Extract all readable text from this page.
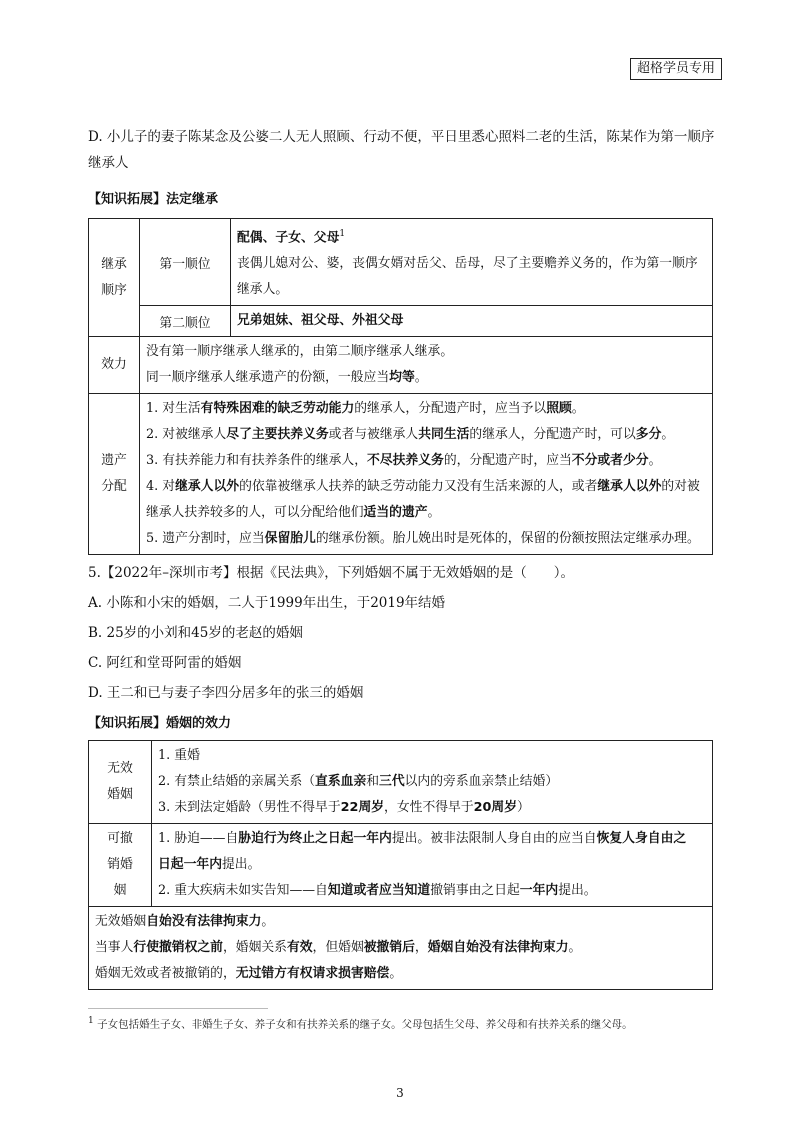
超格学员专用
D. 小儿子的妻子陈某念及公婆二人无人照顾、行动不便，平日里悉心照料二老的生活，陈某作为第一顺序继承人
【知识拓展】法定继承
继承顺序	第一顺位	配偶、子女、父母$^1$
丧偶儿媳对公、婆，丧偶女婿对岳父、岳母，尽了主要赡养义务的，作为第一顺序继承人。

	第二顺位	兄弟姐妹、祖父母、外祖父母
效力	没有第一顺序继承人继承的，由第二顺序继承人继承。
同一顺序继承人继承遗产的份额，一般应当均等。	

遗产分配	1. 对生活有特殊困难的缺乏劳动能力的继承人，分配遗产时，应当予以照顾。
2. 对被继承人尽了主要扶养义务或者与被继承人共同生活的继承人，分配遗产时，可以多分。
3. 有扶养能力和有扶养条件的继承人，不尽扶养义务的，分配遗产时，应当不分或者少分。
4. 对继承人以外的依靠被继承人扶养的缺乏劳动能力又没有生活来源的人，或者继承人以外的对被继承人扶养较多的人，可以分配给他们适当的遗产。
5. 遗产分割时，应当保留胎儿的继承份额。胎儿娩出时是死体的，保留的份额按照法定继承办理。	
5.【2022年–深圳市考】根据《民法典》，下列婚姻不属于无效婚姻的是（　　）。
A. 小陈和小宋的婚姻，二人于1999年出生，于2019年结婚
B. 25岁的小刘和45岁的老赵的婚姻
C. 阿红和堂哥阿雷的婚姻
D. 王二和已与妻子李四分居多年的张三的婚姻
【知识拓展】婚姻的效力
无效婚姻	1. 重婚
2. 有禁止结婚的亲属关系（直系血亲和三代以内的旁系血亲禁止结婚）
3. 未到法定婚龄（男性不得早于22周岁，女性不得早于20周岁）

可撤销婚姻	1. 胁迫——自胁迫行为终止之日起一年内提出。被非法限制人身自由的应当自恢复人身自由之
日起一年内提出。
2. 重大疾病未如实告知——自知道或者应当知道撤销事由之日起一年内提出。

无效婚姻自始没有法律拘束力。
当事人行使撤销权之前，婚姻关系有效，但婚姻被撤销后，婚姻自始没有法律拘束力。
婚姻无效或者被撤销的，无过错方有权请求损害赔偿。	
$^1$ 子女包括婚生子女、非婚生子女、养子女和有扶养关系的继子女。父母包括生父母、养父母和有扶养关系的继父母。
3
